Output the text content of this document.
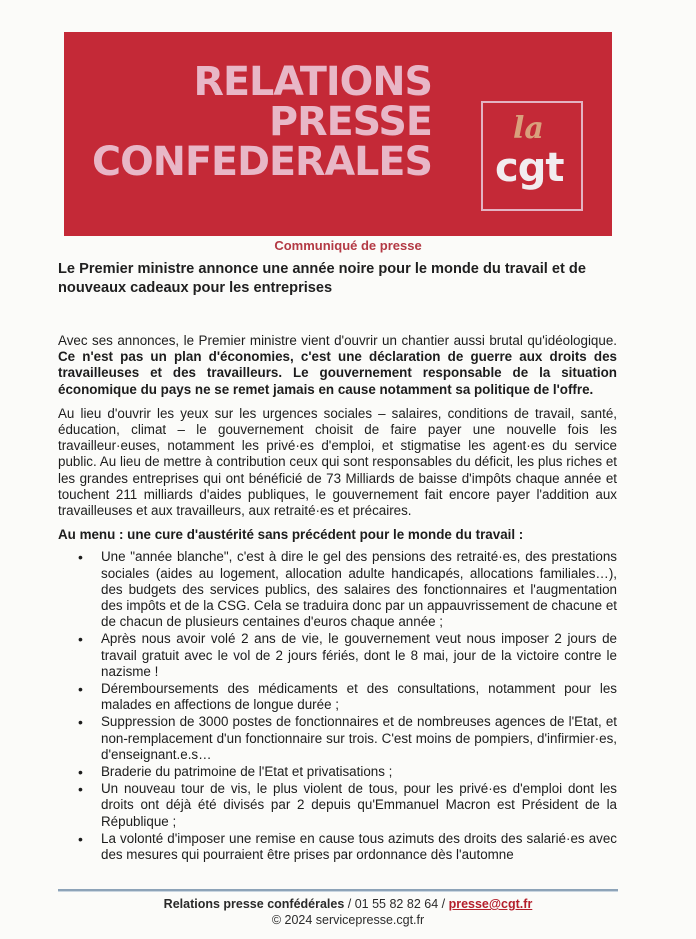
RELATIONS
PRESSE
CONFEDERALES
la
cgt
Communiqué de presse
Le Premier ministre annonce une année noire pour le monde du travail et de nouveaux cadeaux pour les entreprises

Avec ses annonces, le Premier ministre vient d'ouvrir un chantier aussi brutal qu'idéologique. Ce n'est pas un plan d'économies, c'est une déclaration de guerre aux droits des travailleuses et des travailleurs. Le gouvernement responsable de la situation économique du pays ne se remet jamais en cause notamment sa politique de l'offre.

Au lieu d'ouvrir les yeux sur les urgences sociales – salaires, conditions de travail, santé, éducation, climat – le gouvernement choisit de faire payer une nouvelle fois les travailleur·euses, notamment les privé·es d'emploi, et stigmatise les agent·es du service public. Au lieu de mettre à contribution ceux qui sont responsables du déficit, les plus riches et les grandes entreprises qui ont bénéficié de 73 Milliards de baisse d'impôts chaque année et touchent 211 milliards d'aides publiques, le gouvernement fait encore payer l'addition aux travailleuses et aux travailleurs, aux retraité·es et précaires.

Au menu : une cure d'austérité sans précédent pour le monde du travail :
• Une "année blanche", c'est à dire le gel des pensions des retraité·es, des prestations sociales (aides au logement, allocation adulte handicapés, allocations familiales…), des budgets des services publics, des salaires des fonctionnaires et l'augmentation des impôts et de la CSG. Cela se traduira donc par un appauvrissement de chacune et de chacun de plusieurs centaines d'euros chaque année ;
• Après nous avoir volé 2 ans de vie, le gouvernement veut nous imposer 2 jours de travail gratuit avec le vol de 2 jours fériés, dont le 8 mai, jour de la victoire contre le nazisme !
• Déremboursements des médicaments et des consultations, notamment pour les malades en affections de longue durée ;
• Suppression de 3000 postes de fonctionnaires et de nombreuses agences de l'Etat, et non-remplacement d'un fonctionnaire sur trois. C'est moins de pompiers, d'infirmier·es, d'enseignant.e.s…
• Braderie du patrimoine de l'Etat et privatisations ;
• Un nouveau tour de vis, le plus violent de tous, pour les privé·es d'emploi dont les droits ont déjà été divisés par 2 depuis qu'Emmanuel Macron est Président de la République ;
• La volonté d'imposer une remise en cause tous azimuts des droits des salarié·es avec des mesures qui pourraient être prises par ordonnance dès l'automne
Relations presse confédérales / 01 55 82 82 64 / presse@cgt.fr
© 2024 servicepresse.cgt.fr
